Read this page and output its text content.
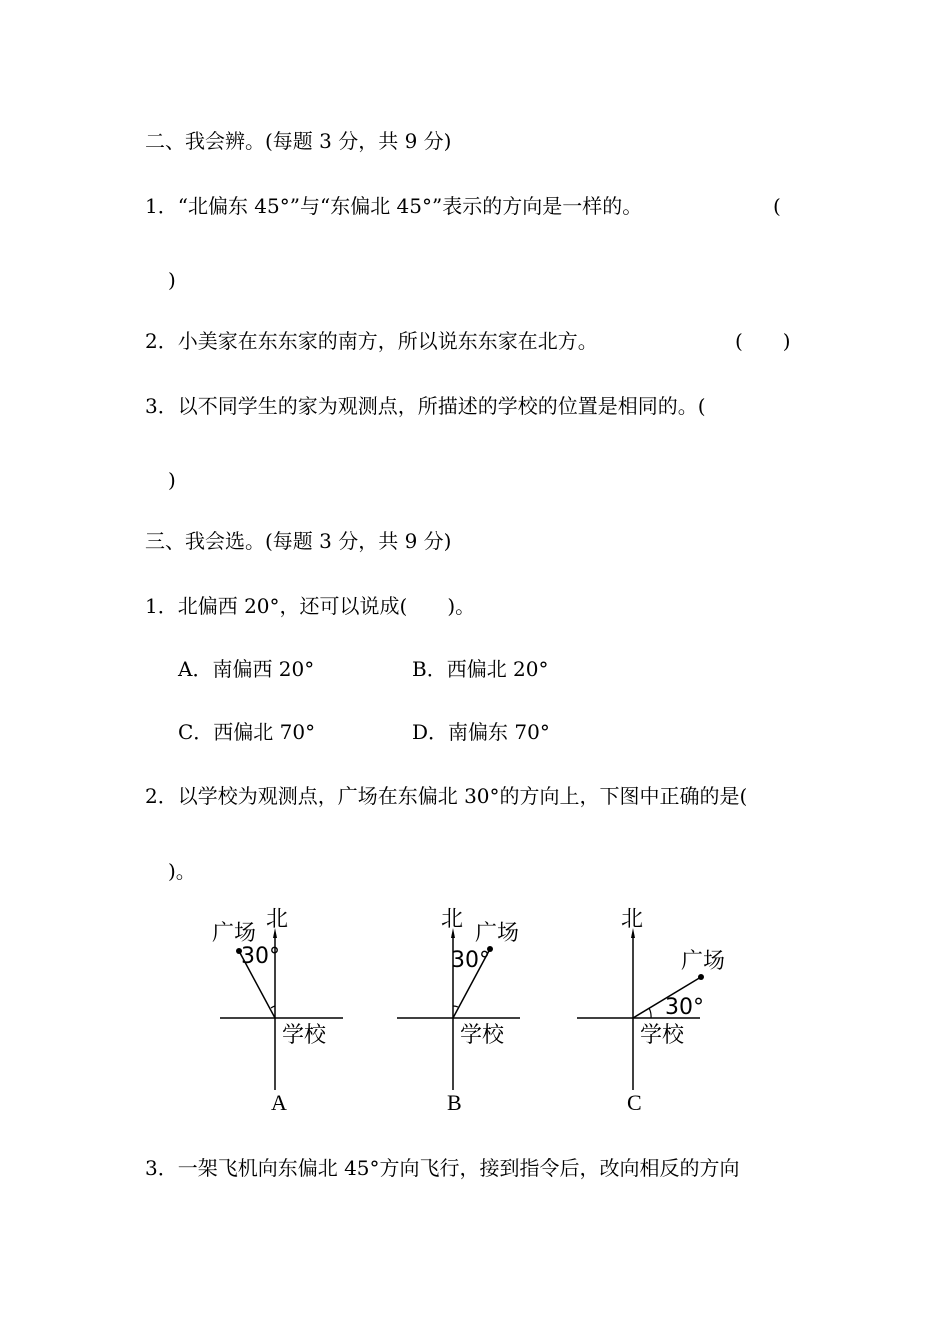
二、我会辨。(每题 3 分，共 9 分)
1．“北偏东 45°”与“东偏北 45°”表示的方向是一样的。	(
)
2．小美家在东东家的南方，所以说东东家在北方。	(　　)
3．以不同学生的家为观测点，所描述的学校的位置是相同的。(
)
三、我会选。(每题 3 分，共 9 分)
1．北偏西 20°，还可以说成(　　)。
A．南偏西 20°	B．西偏北 20°
C．西偏北 70°	D．南偏东 70°
2．以学校为观测点，广场在东偏北 30°的方向上，下图中正确的是(
)。
北
广场
30°
学校
A
北
广场
30°
学校
B
北
广场
30°
学校
C
3．一架飞机向东偏北 45°方向飞行，接到指令后，改向相反的方向
